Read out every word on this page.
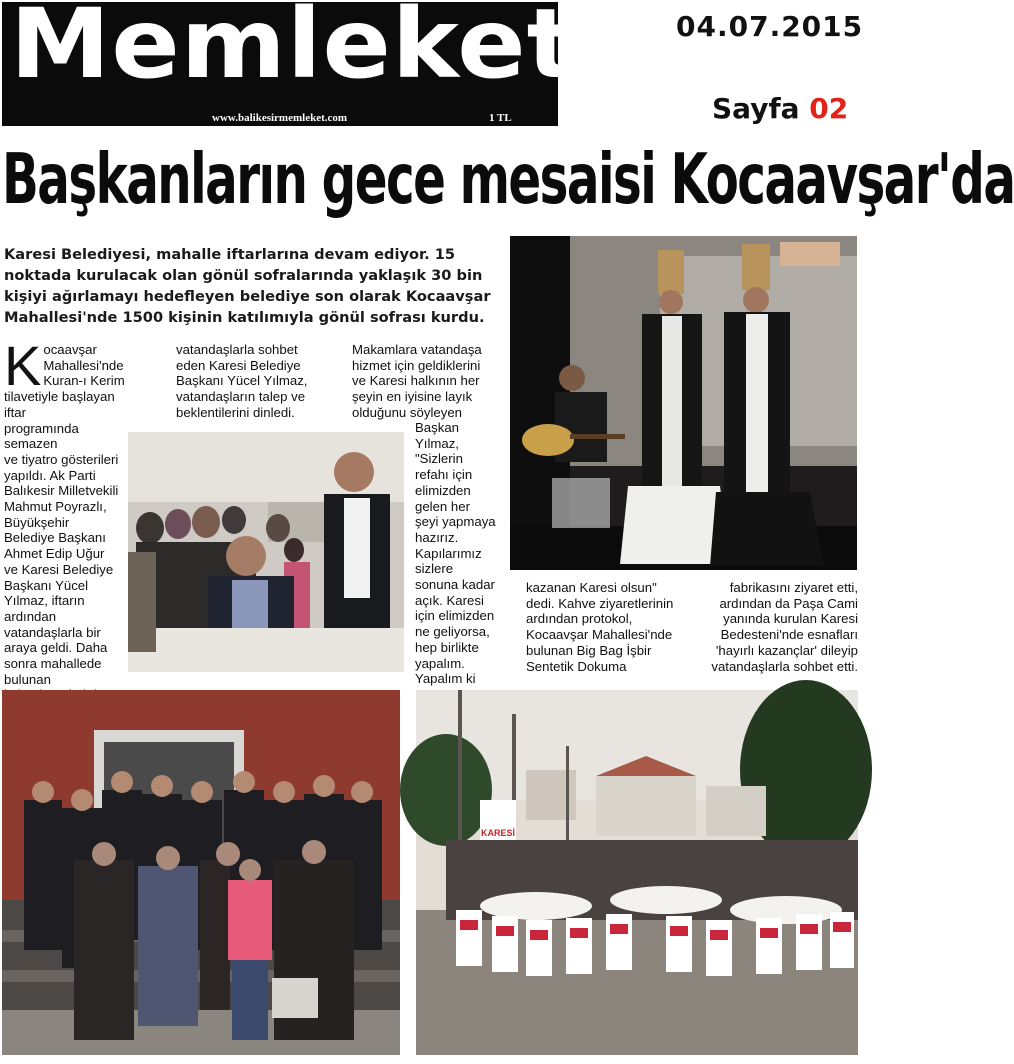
Memleket
www.balikesirmemleket.com	1 TL
04.07.2015
Sayfa 02
Başkanların gece mesaisi Kocaavşar'da
Karesi Belediyesi, mahalle iftarlarına devam ediyor. 15 noktada kurulacak olan gönül sofralarında yaklaşık 30 bin kişiyi ağırlamayı hedefleyen belediye son olarak Kocaavşar Mahallesi'nde 1500 kişinin katılımıyla gönül sofrası kurdu.
K ocaavşar
Mahallesi'nde
Kuran-ı Kerim
tilavetiyle başlayan iftar
programında semazen
ve tiyatro gösterileri
yapıldı. Ak Parti
Balıkesir Milletvekili
Mahmut Poyrazlı,
Büyükşehir
Belediye Başkanı
Ahmet Edip Uğur
ve Karesi Belediye
Başkanı Yücel
Yılmaz, iftarın
ardından
vatandaşlarla bir
araya geldi. Daha
sonra mahallede
bulunan
vatandaşlarla sohbet
eden Karesi Belediye
Başkanı Yücel Yılmaz,
vatandaşların talep ve
beklentilerini dinledi.
Makamlara vatandaşa
hizmet için geldiklerini
ve Karesi halkının her
şeyin en iyisine layık
olduğunu söyleyen
Başkan
Yılmaz,
"Sizlerin
refahı için
elimizden
gelen her
şeyi yapmaya
hazırız.
Kapılarımız
sizlere
sonuna kadar
açık. Karesi
için elimizden
ne geliyorsa,
hep birlikte
yapalım.
Yapalım ki
kazanan Karesi olsun"
dedi. Kahve ziyaretlerinin
ardından protokol,
Kocaavşar Mahallesi'nde
bulunan Big Bag İşbir
Sentetik Dokuma
fabrikasını ziyaret etti,
ardından da Paşa Cami
yanında kurulan Karesi
Bedesteni'nde esnafları
'hayırlı kazançlar' dileyip
vatandaşlarla sohbet etti.
KARESİ
